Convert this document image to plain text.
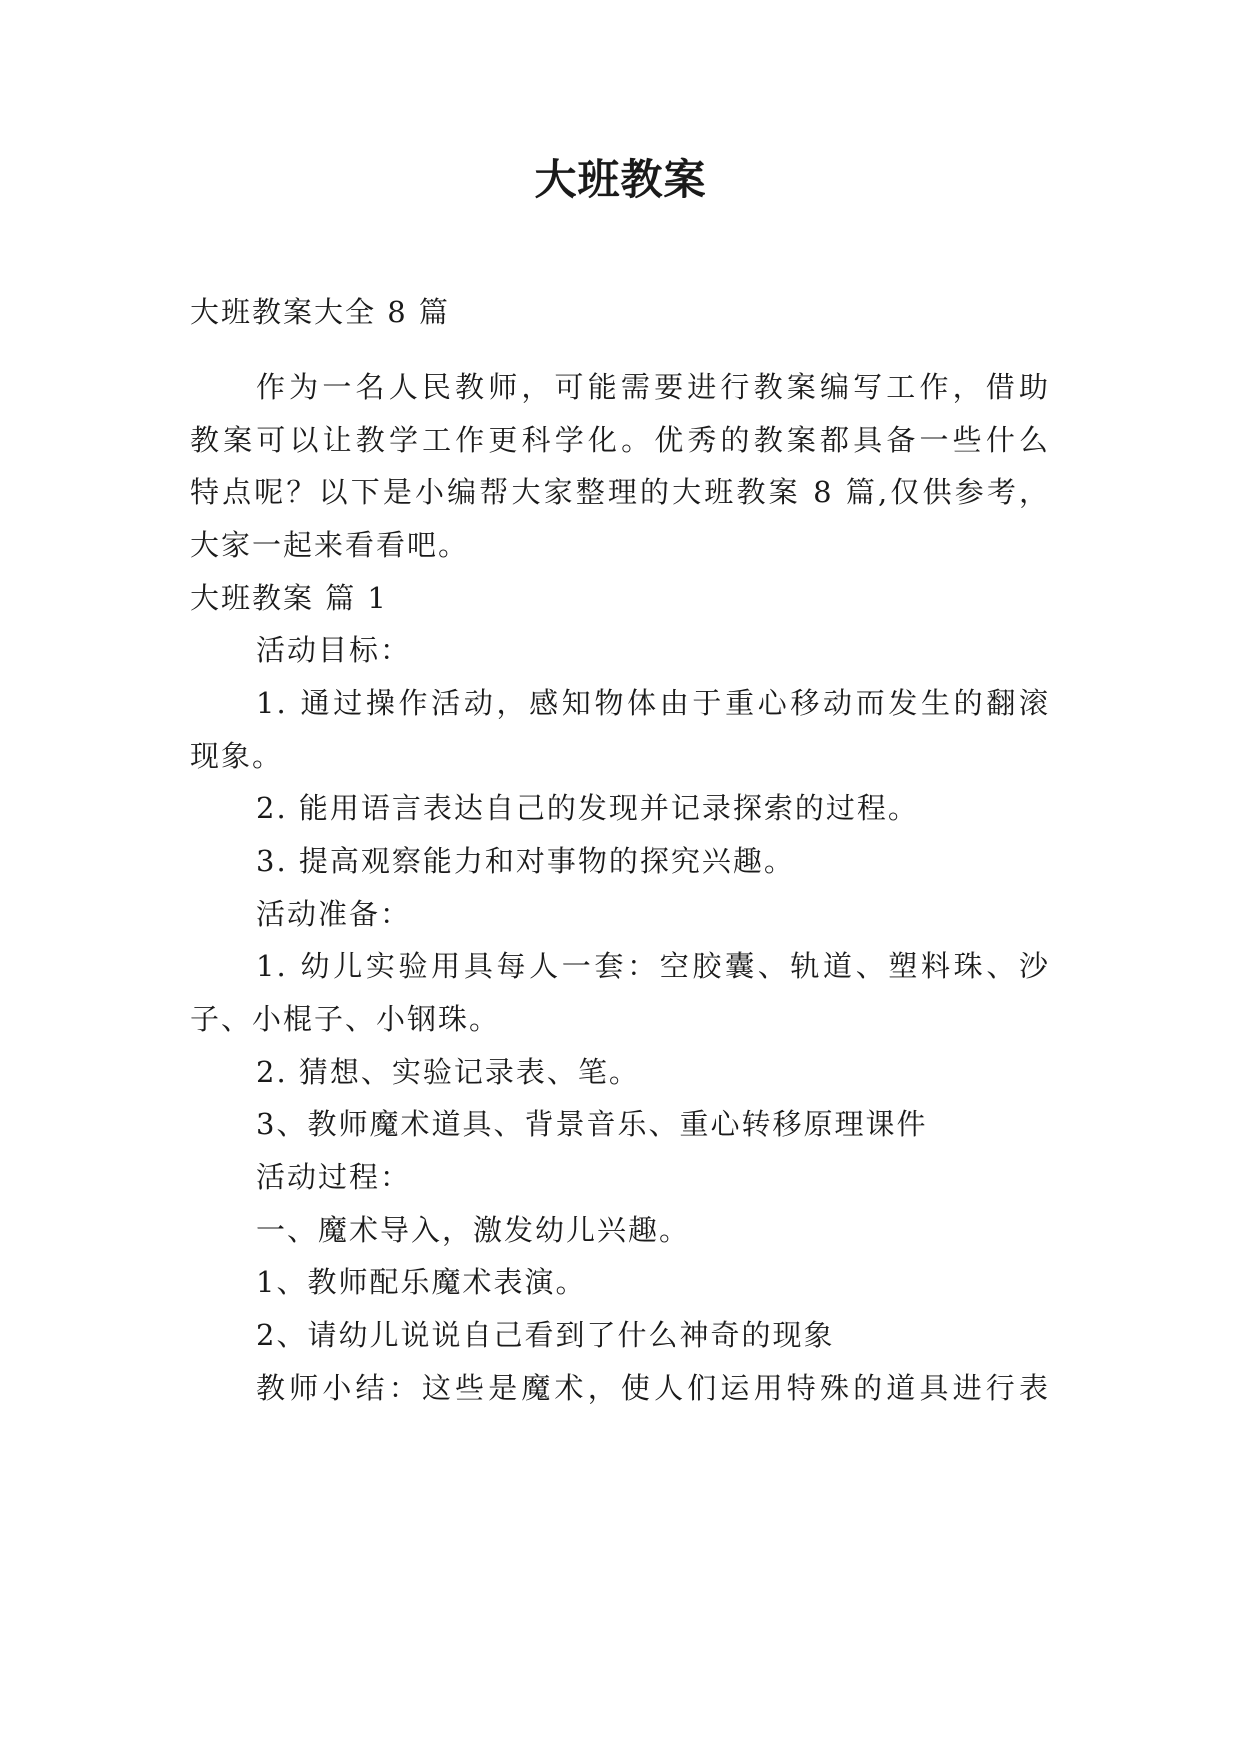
大班教案
大班教案大全 8 篇
作为一名人民教师，可能需要进行教案编写工作，借助
教案可以让教学工作更科学化。优秀的教案都具备一些什么
特点呢？以下是小编帮大家整理的大班教案 8 篇,仅供参考，
大家一起来看看吧。
大班教案 篇 1
活动目标：
1. 通过操作活动，感知物体由于重心移动而发生的翻滚
现象。
2. 能用语言表达自己的发现并记录探索的过程。
3. 提高观察能力和对事物的探究兴趣。
活动准备：
1. 幼儿实验用具每人一套：空胶囊、轨道、塑料珠、沙
子、小棍子、小钢珠。
2. 猜想、实验记录表、笔。
3、教师魔术道具、背景音乐、重心转移原理课件
活动过程：
一、魔术导入，激发幼儿兴趣。
1、教师配乐魔术表演。
2、请幼儿说说自己看到了什么神奇的现象
教师小结：这些是魔术，使人们运用特殊的道具进行表
